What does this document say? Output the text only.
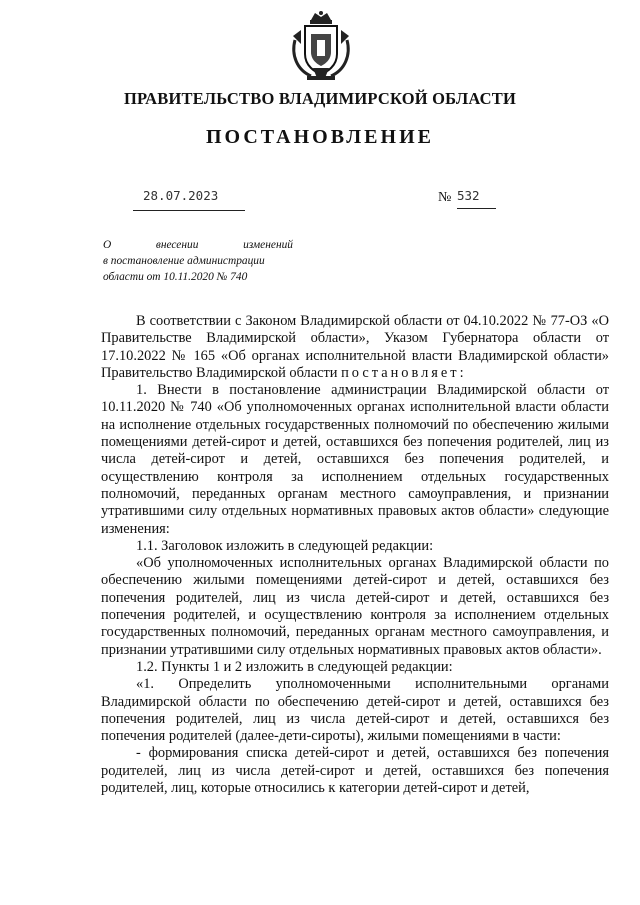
ПРАВИТЕЛЬСТВО ВЛАДИМИРСКОЙ ОБЛАСТИ
ПОСТАНОВЛЕНИЕ
28.07.2023	№ 532
О	внесении	изменений
в постановление администрации
области от 10.11.2020 № 740

В соответствии с Законом Владимирской области от 04.10.2022 № 77-ОЗ «О Правительстве Владимирской области», Указом Губернатора области от 17.10.2022 № 165 «Об органах исполнительной власти Владимирской области» Правительство Владимирской области постановляет:

1. Внести в постановление администрации Владимирской области от 10.11.2020 № 740 «Об уполномоченных органах исполнительной власти области на исполнение отдельных государственных полномочий по обеспечению жилыми помещениями детей-сирот и детей, оставшихся без попечения родителей, лиц из числа детей-сирот и детей, оставшихся без попечения родителей, и осуществлению контроля за исполнением отдельных государственных полномочий, переданных органам местного самоуправления, и признании утратившими силу отдельных нормативных правовых актов области» следующие изменения:

1.1. Заголовок изложить в следующей редакции:

«Об уполномоченных исполнительных органах Владимирской области по обеспечению жилыми помещениями детей-сирот и детей, оставшихся без попечения родителей, лиц из числа детей-сирот и детей, оставшихся без попечения родителей, и осуществлению контроля за исполнением отдельных государственных полномочий, переданных органам местного самоуправления, и признании утратившими силу отдельных нормативных правовых актов области».

1.2. Пункты 1 и 2 изложить в следующей редакции:

«1. Определить уполномоченными исполнительными органами Владимирской области по обеспечению детей-сирот и детей, оставшихся без попечения родителей, лиц из числа детей-сирот и детей, оставшихся без попечения родителей (далее-дети-сироты), жилыми помещениями в части:

- формирования списка детей-сирот и детей, оставшихся без попечения родителей, лиц из числа детей-сирот и детей, оставшихся без попечения родителей, лиц, которые относились к категории детей-сирот и детей,
